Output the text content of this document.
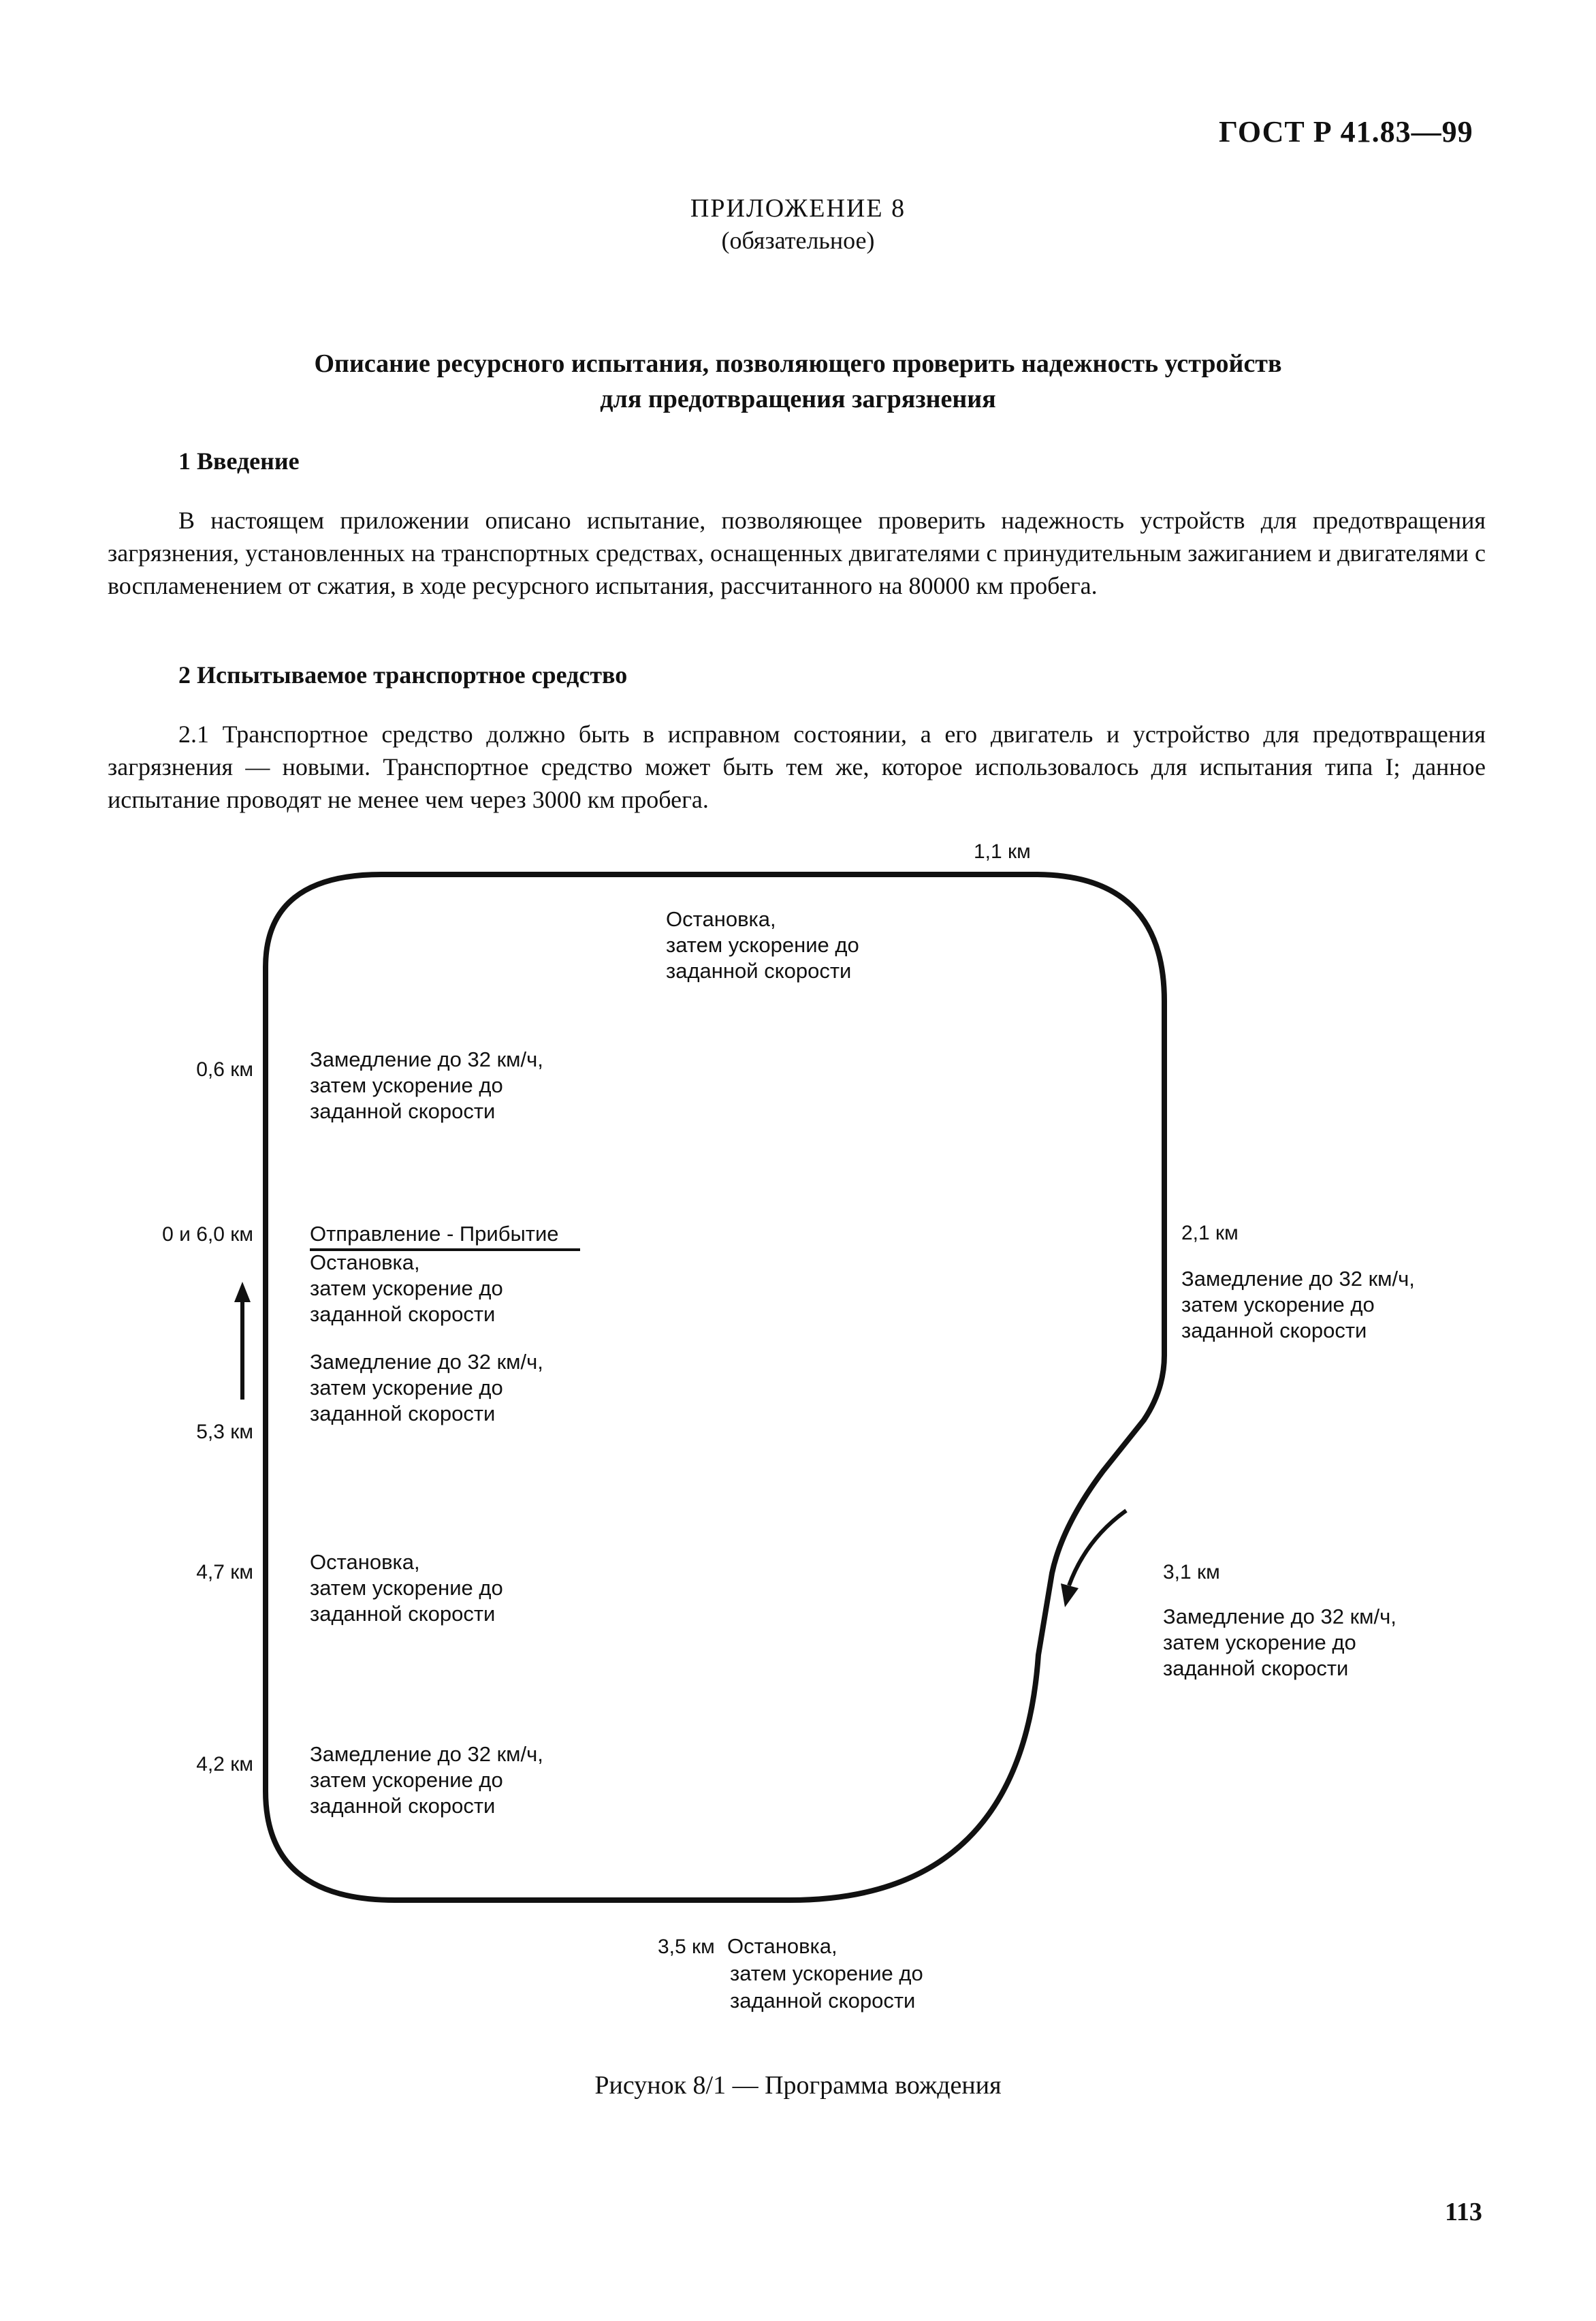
ГОСТ Р 41.83—99
ПРИЛОЖЕНИЕ 8
(обязательное)
Описание ресурсного испытания, позволяющего проверить надежность устройств
для предотвращения загрязнения
1 Введение

В настоящем приложении описано испытание, позволяющее проверить надежность устройств для предотвращения загрязнения, установленных на транспортных средствах, оснащенных двигателями с принудительным зажиганием и двигателями с воспламенением от сжатия, в ходе ресурсного испытания, рассчитанного на 80000 км пробега.

2 Испытываемое транспортное средство

2.1 Транспортное средство должно быть в исправном состоянии, а его двигатель и устройство для предотвращения загрязнения — новыми. Транспортное средство может быть тем же, которое использовалось для испытания типа I; данное испытание проводят не менее чем через 3000 км пробега.

1,1 км
0,6 км
0 и 6,0 км
5,3 км
4,7 км
4,2 км
2,1 км
3,1 км
3,5 км
Отправление - Прибытие
Остановка,
затем ускорение до
заданной скорости
Замедление до 32 км/ч,
затем ускорение до
заданной скорости
Остановка,
затем ускорение до
заданной скорости
Замедление до 32 км/ч,
затем ускорение до
заданной скорости
Остановка,
затем ускорение до
заданной скорости
Замедление до 32 км/ч,
затем ускорение до
заданной скорости
Замедление до 32 км/ч,
затем ускорение до
заданной скорости
Замедление до 32 км/ч,
затем ускорение до
заданной скорости
Остановка,
затем ускорение до
заданной скорости
Рисунок 8/1 — Программа вождения
113
